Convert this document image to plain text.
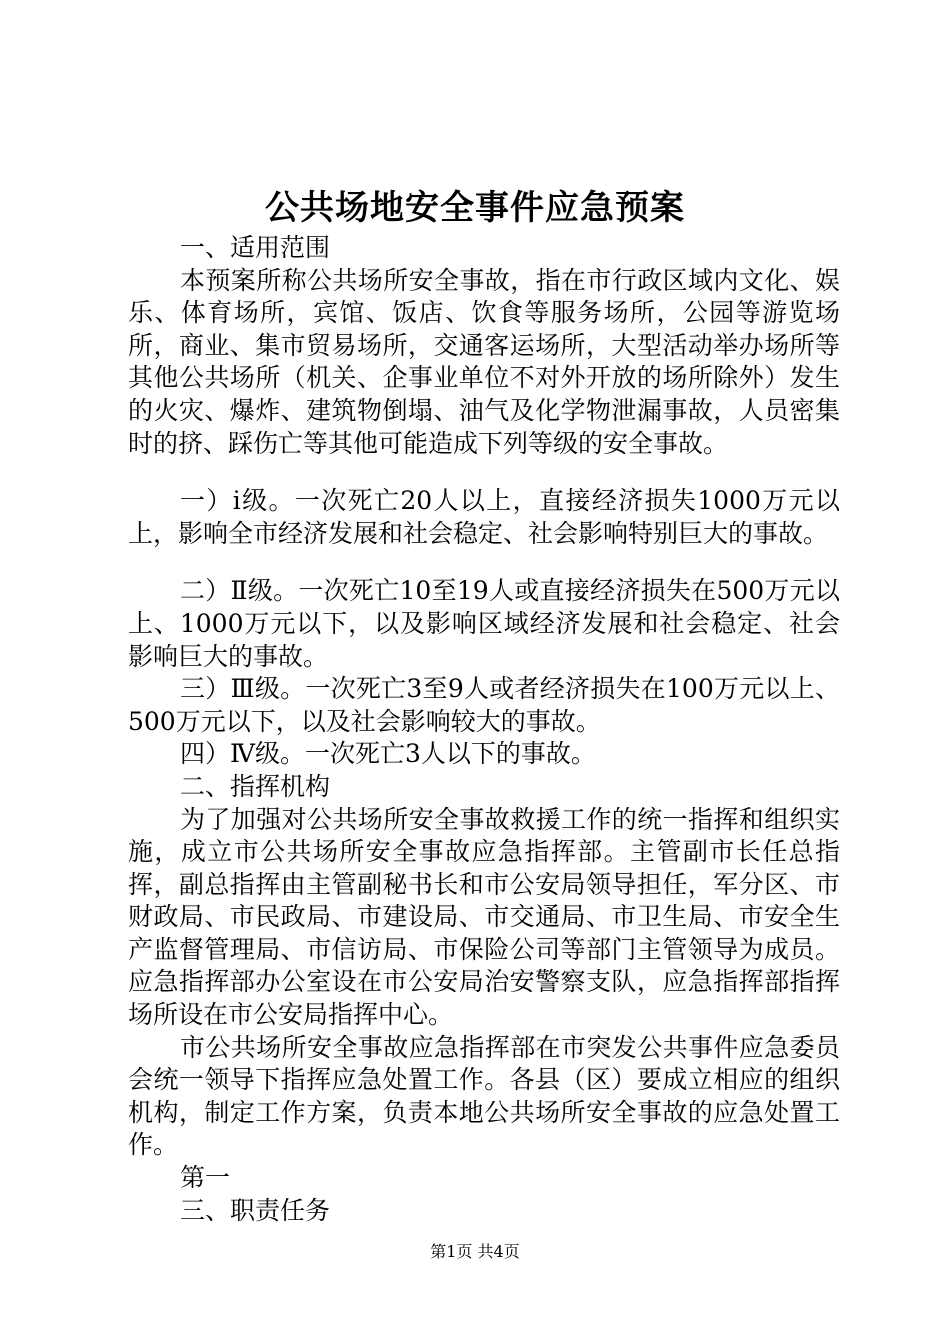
公共场地安全事件应急预案

一、适用范围

本预案所称公共场所安全事故，指在市行政区域内文化、娱乐、体育场所，宾馆、饭店、饮食等服务场所，公园等游览场所，商业、集市贸易场所，交通客运场所，大型活动举办场所等其他公共场所（机关、企事业单位不对外开放的场所除外）发生的火灾、爆炸、建筑物倒塌、油气及化学物泄漏事故，人员密集时的挤、踩伤亡等其他可能造成下列等级的安全事故。

一）ⅰ级。一次死亡20人以上，直接经济损失1000万元以上，影响全市经济发展和社会稳定、社会影响特别巨大的事故。

二）Ⅱ级。一次死亡10至19人或直接经济损失在500万元以上、1000万元以下，以及影响区域经济发展和社会稳定、社会影响巨大的事故。

三）Ⅲ级。一次死亡3至9人或者经济损失在100万元以上、500万元以下，以及社会影响较大的事故。

四）Ⅳ级。一次死亡3人以下的事故。

二、指挥机构

为了加强对公共场所安全事故救援工作的统一指挥和组织实施，成立市公共场所安全事故应急指挥部。主管副市长任总指挥，副总指挥由主管副秘书长和市公安局领导担任，军分区、市财政局、市民政局、市建设局、市交通局、市卫生局、市安全生产监督管理局、市信访局、市保险公司等部门主管领导为成员。应急指挥部办公室设在市公安局治安警察支队，应急指挥部指挥场所设在市公安局指挥中心。

市公共场所安全事故应急指挥部在市突发公共事件应急委员会统一领导下指挥应急处置工作。各县（区）要成立相应的组织机构，制定工作方案，负责本地公共场所安全事故的应急处置工作。

第一

三、职责任务

第1页 共4页
